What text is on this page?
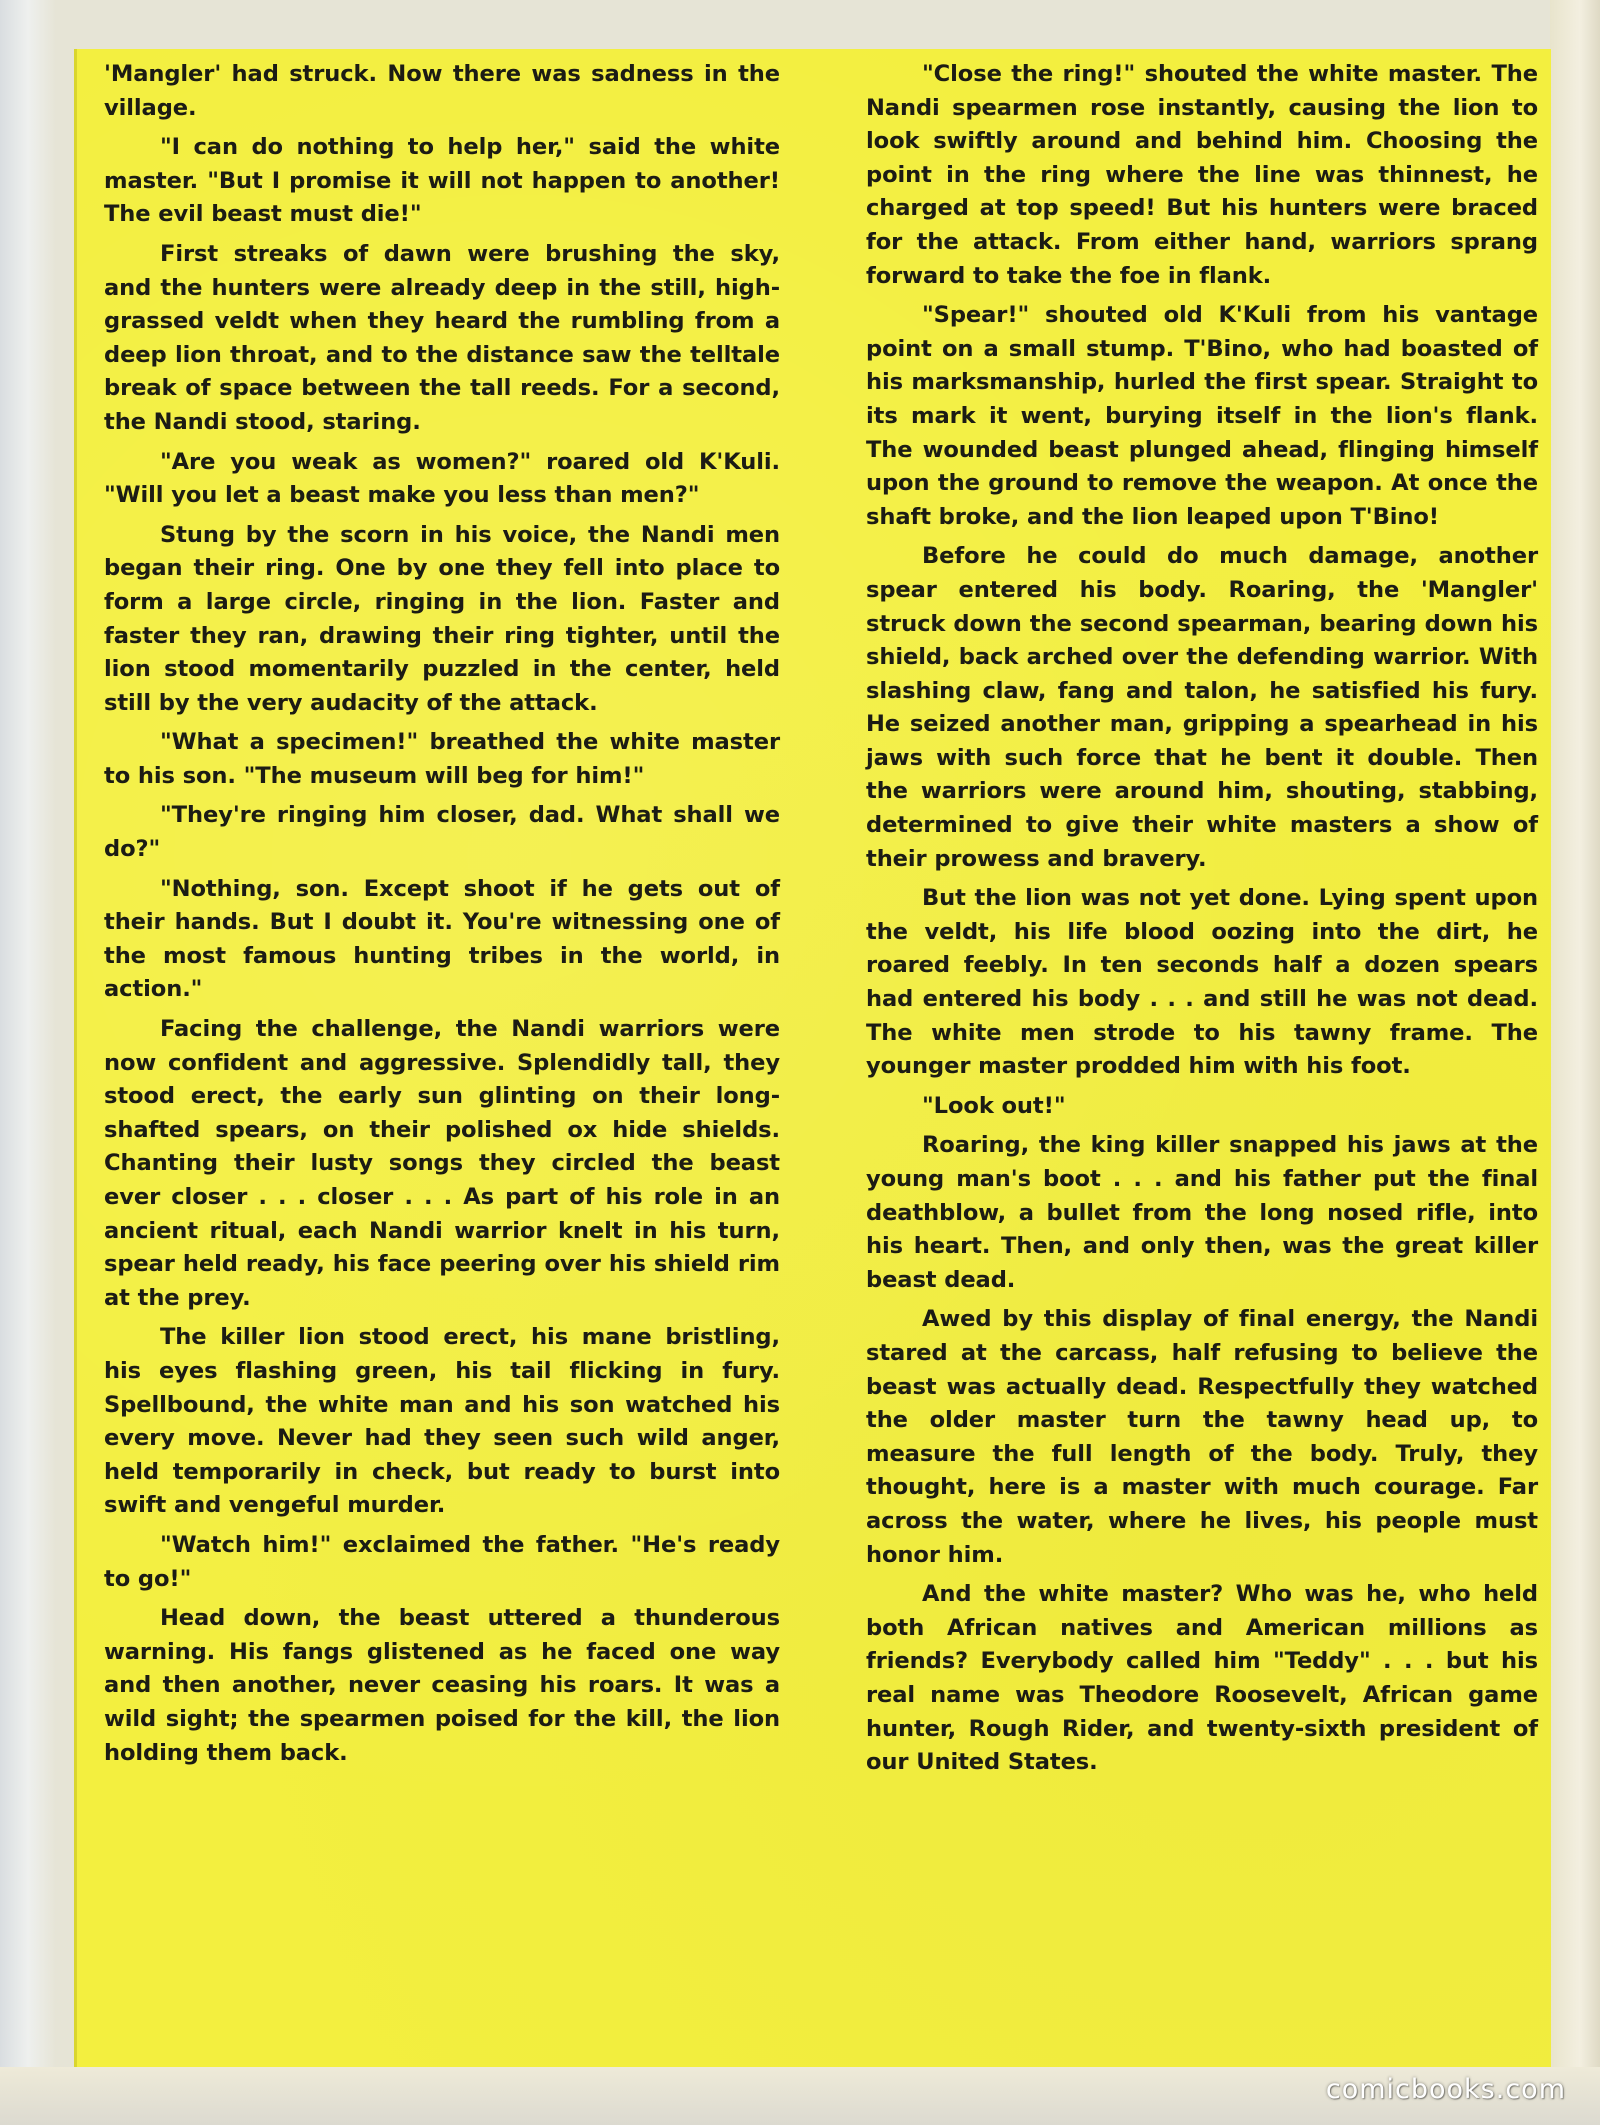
'Mangler' had struck. Now there was sadness in the village.

"I can do nothing to help her," said the white master. "But I promise it will not happen to another! The evil beast must die!"

First streaks of dawn were brushing the sky, and the hunters were already deep in the still, high-grassed veldt when they heard the rumbling from a deep lion throat, and to the distance saw the telltale break of space between the tall reeds. For a second, the Nandi stood, staring.

"Are you weak as women?" roared old K'Kuli. "Will you let a beast make you less than men?"

Stung by the scorn in his voice, the Nandi men began their ring. One by one they fell into place to form a large circle, ringing in the lion. Faster and faster they ran, drawing their ring tighter, until the lion stood momentarily puzzled in the center, held still by the very audacity of the attack.

"What a specimen!" breathed the white master to his son. "The museum will beg for him!"

"They're ringing him closer, dad. What shall we do?"

"Nothing, son. Except shoot if he gets out of their hands. But I doubt it. You're witnessing one of the most famous hunting tribes in the world, in action."

Facing the challenge, the Nandi warriors were now confident and aggressive. Splendidly tall, they stood erect, the early sun glinting on their long-shafted spears, on their polished ox hide shields. Chanting their lusty songs they circled the beast ever closer . . . closer . . . As part of his role in an ancient ritual, each Nandi warrior knelt in his turn, spear held ready, his face peering over his shield rim at the prey.

The killer lion stood erect, his mane bristling, his eyes flashing green, his tail flicking in fury. Spellbound, the white man and his son watched his every move. Never had they seen such wild anger, held temporarily in check, but ready to burst into swift and vengeful murder.

"Watch him!" exclaimed the father. "He's ready to go!"

Head down, the beast uttered a thunderous warning. His fangs glistened as he faced one way and then another, never ceasing his roars. It was a wild sight; the spearmen poised for the kill, the lion holding them back.

"Close the ring!" shouted the white master. The Nandi spearmen rose instantly, causing the lion to look swiftly around and behind him. Choosing the point in the ring where the line was thinnest, he charged at top speed! But his hunters were braced for the attack. From either hand, warriors sprang forward to take the foe in flank.

"Spear!" shouted old K'Kuli from his vantage point on a small stump. T'Bino, who had boasted of his marksmanship, hurled the first spear. Straight to its mark it went, burying itself in the lion's flank. The wounded beast plunged ahead, flinging himself upon the ground to remove the weapon. At once the shaft broke, and the lion leaped upon T'Bino!

Before he could do much damage, another spear entered his body. Roaring, the 'Mangler' struck down the second spearman, bearing down his shield, back arched over the defending warrior. With slashing claw, fang and talon, he satisfied his fury. He seized another man, gripping a spearhead in his jaws with such force that he bent it double. Then the warriors were around him, shouting, stabbing, determined to give their white masters a show of their prowess and bravery.

But the lion was not yet done. Lying spent upon the veldt, his life blood oozing into the dirt, he roared feebly. In ten seconds half a dozen spears had entered his body . . . and still he was not dead. The white men strode to his tawny frame. The younger master prodded him with his foot.

"Look out!"

Roaring, the king killer snapped his jaws at the young man's boot . . . and his father put the final deathblow, a bullet from the long nosed rifle, into his heart. Then, and only then, was the great killer beast dead.

Awed by this display of final energy, the Nandi stared at the carcass, half refusing to believe the beast was actually dead. Respectfully they watched the older master turn the tawny head up, to measure the full length of the body. Truly, they thought, here is a master with much courage. Far across the water, where he lives, his people must honor him.

And the white master? Who was he, who held both African natives and American millions as friends? Everybody called him "Teddy" . . . but his real name was Theodore Roosevelt, African game hunter, Rough Rider, and twenty-sixth president of our United States.

comicbooks.com
